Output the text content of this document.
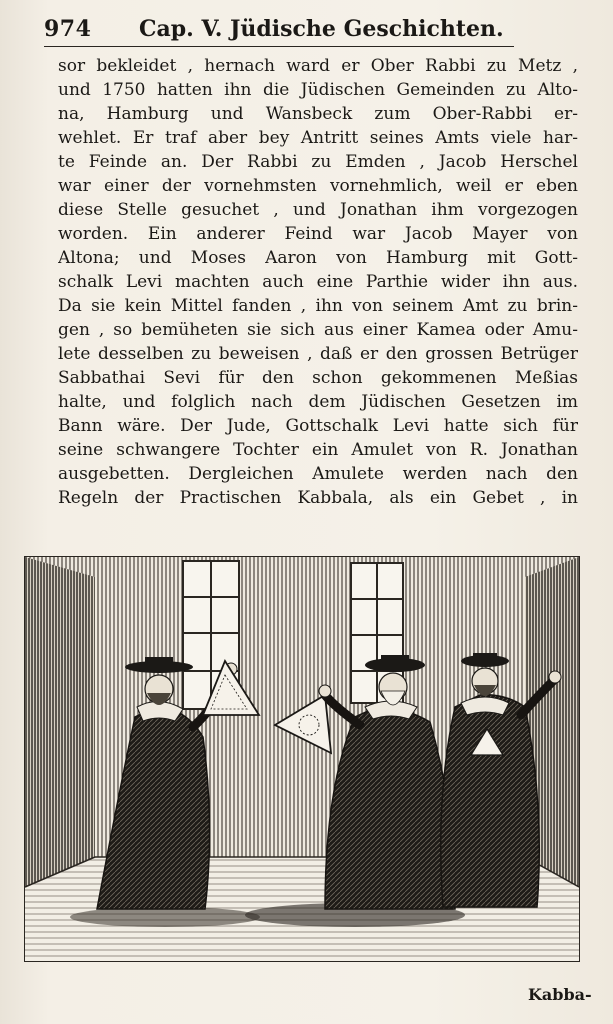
974 Cap. V. Jüdische Geschichten.
sor bekleidet , hernach ward er Ober Rabbi zu Metz ,
und 1750 hatten ihn die Jüdischen Gemeinden zu Alto-
na, Hamburg und Wansbeck zum Ober-Rabbi er-
wehlet. Er traf aber bey Antritt seines Amts viele har-
te Feinde an. Der Rabbi zu Emden , Jacob Herschel
war einer der vornehmsten vornehmlich, weil er eben
diese Stelle gesuchet , und Jonathan ihm vorgezogen
worden. Ein anderer Feind war Jacob Mayer von
Altona; und Moses Aaron von Hamburg mit Gott-
schalk Levi machten auch eine Parthie wider ihn aus.
Da sie kein Mittel fanden , ihn von seinem Amt zu brin-
gen , so bemüheten sie sich aus einer Kamea oder Amu-
lete desselben zu beweisen , daß er den grossen Betrüger
Sabbathai Sevi für den schon gekommenen Meßias
halte, und folglich nach dem Jüdischen Gesetzen im
Bann wäre. Der Jude, Gottschalk Levi hatte sich für
seine schwangere Tochter ein Amulet von R. Jonathan
ausgebetten. Dergleichen Amulete werden nach den
Regeln der Practischen Kabbala, als ein Gebet , in
Kabba-
